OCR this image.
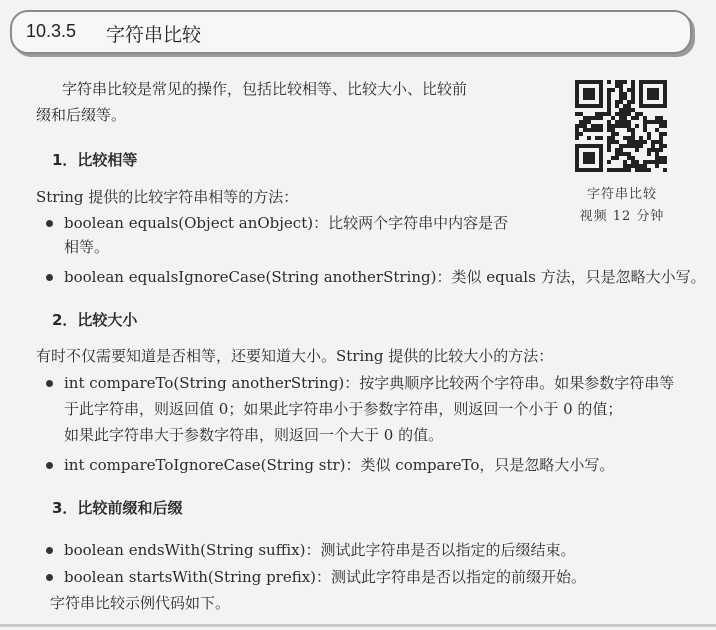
10.3.5 字符串比较
字符串比较是常见的操作，包括比较相等、比较大小、比较前
缀和后缀等。
字符串比较
视频 12 分钟
1．比较相等
String 提供的比较字符串相等的方法：
boolean equals(Object anObject)：比较两个字符串中内容是否
相等。
boolean equalsIgnoreCase(String anotherString)：类似 equals 方法，只是忽略大小写。
2．比较大小
有时不仅需要知道是否相等，还要知道大小。String 提供的比较大小的方法：
int compareTo(String anotherString)：按字典顺序比较两个字符串。如果参数字符串等
于此字符串，则返回值 0；如果此字符串小于参数字符串，则返回一个小于 0 的值；
如果此字符串大于参数字符串，则返回一个大于 0 的值。
int compareToIgnoreCase(String str)：类似 compareTo，只是忽略大小写。
3．比较前缀和后缀
boolean endsWith(String suffix)：测试此字符串是否以指定的后缀结束。
boolean startsWith(String prefix)：测试此字符串是否以指定的前缀开始。
字符串比较示例代码如下。
